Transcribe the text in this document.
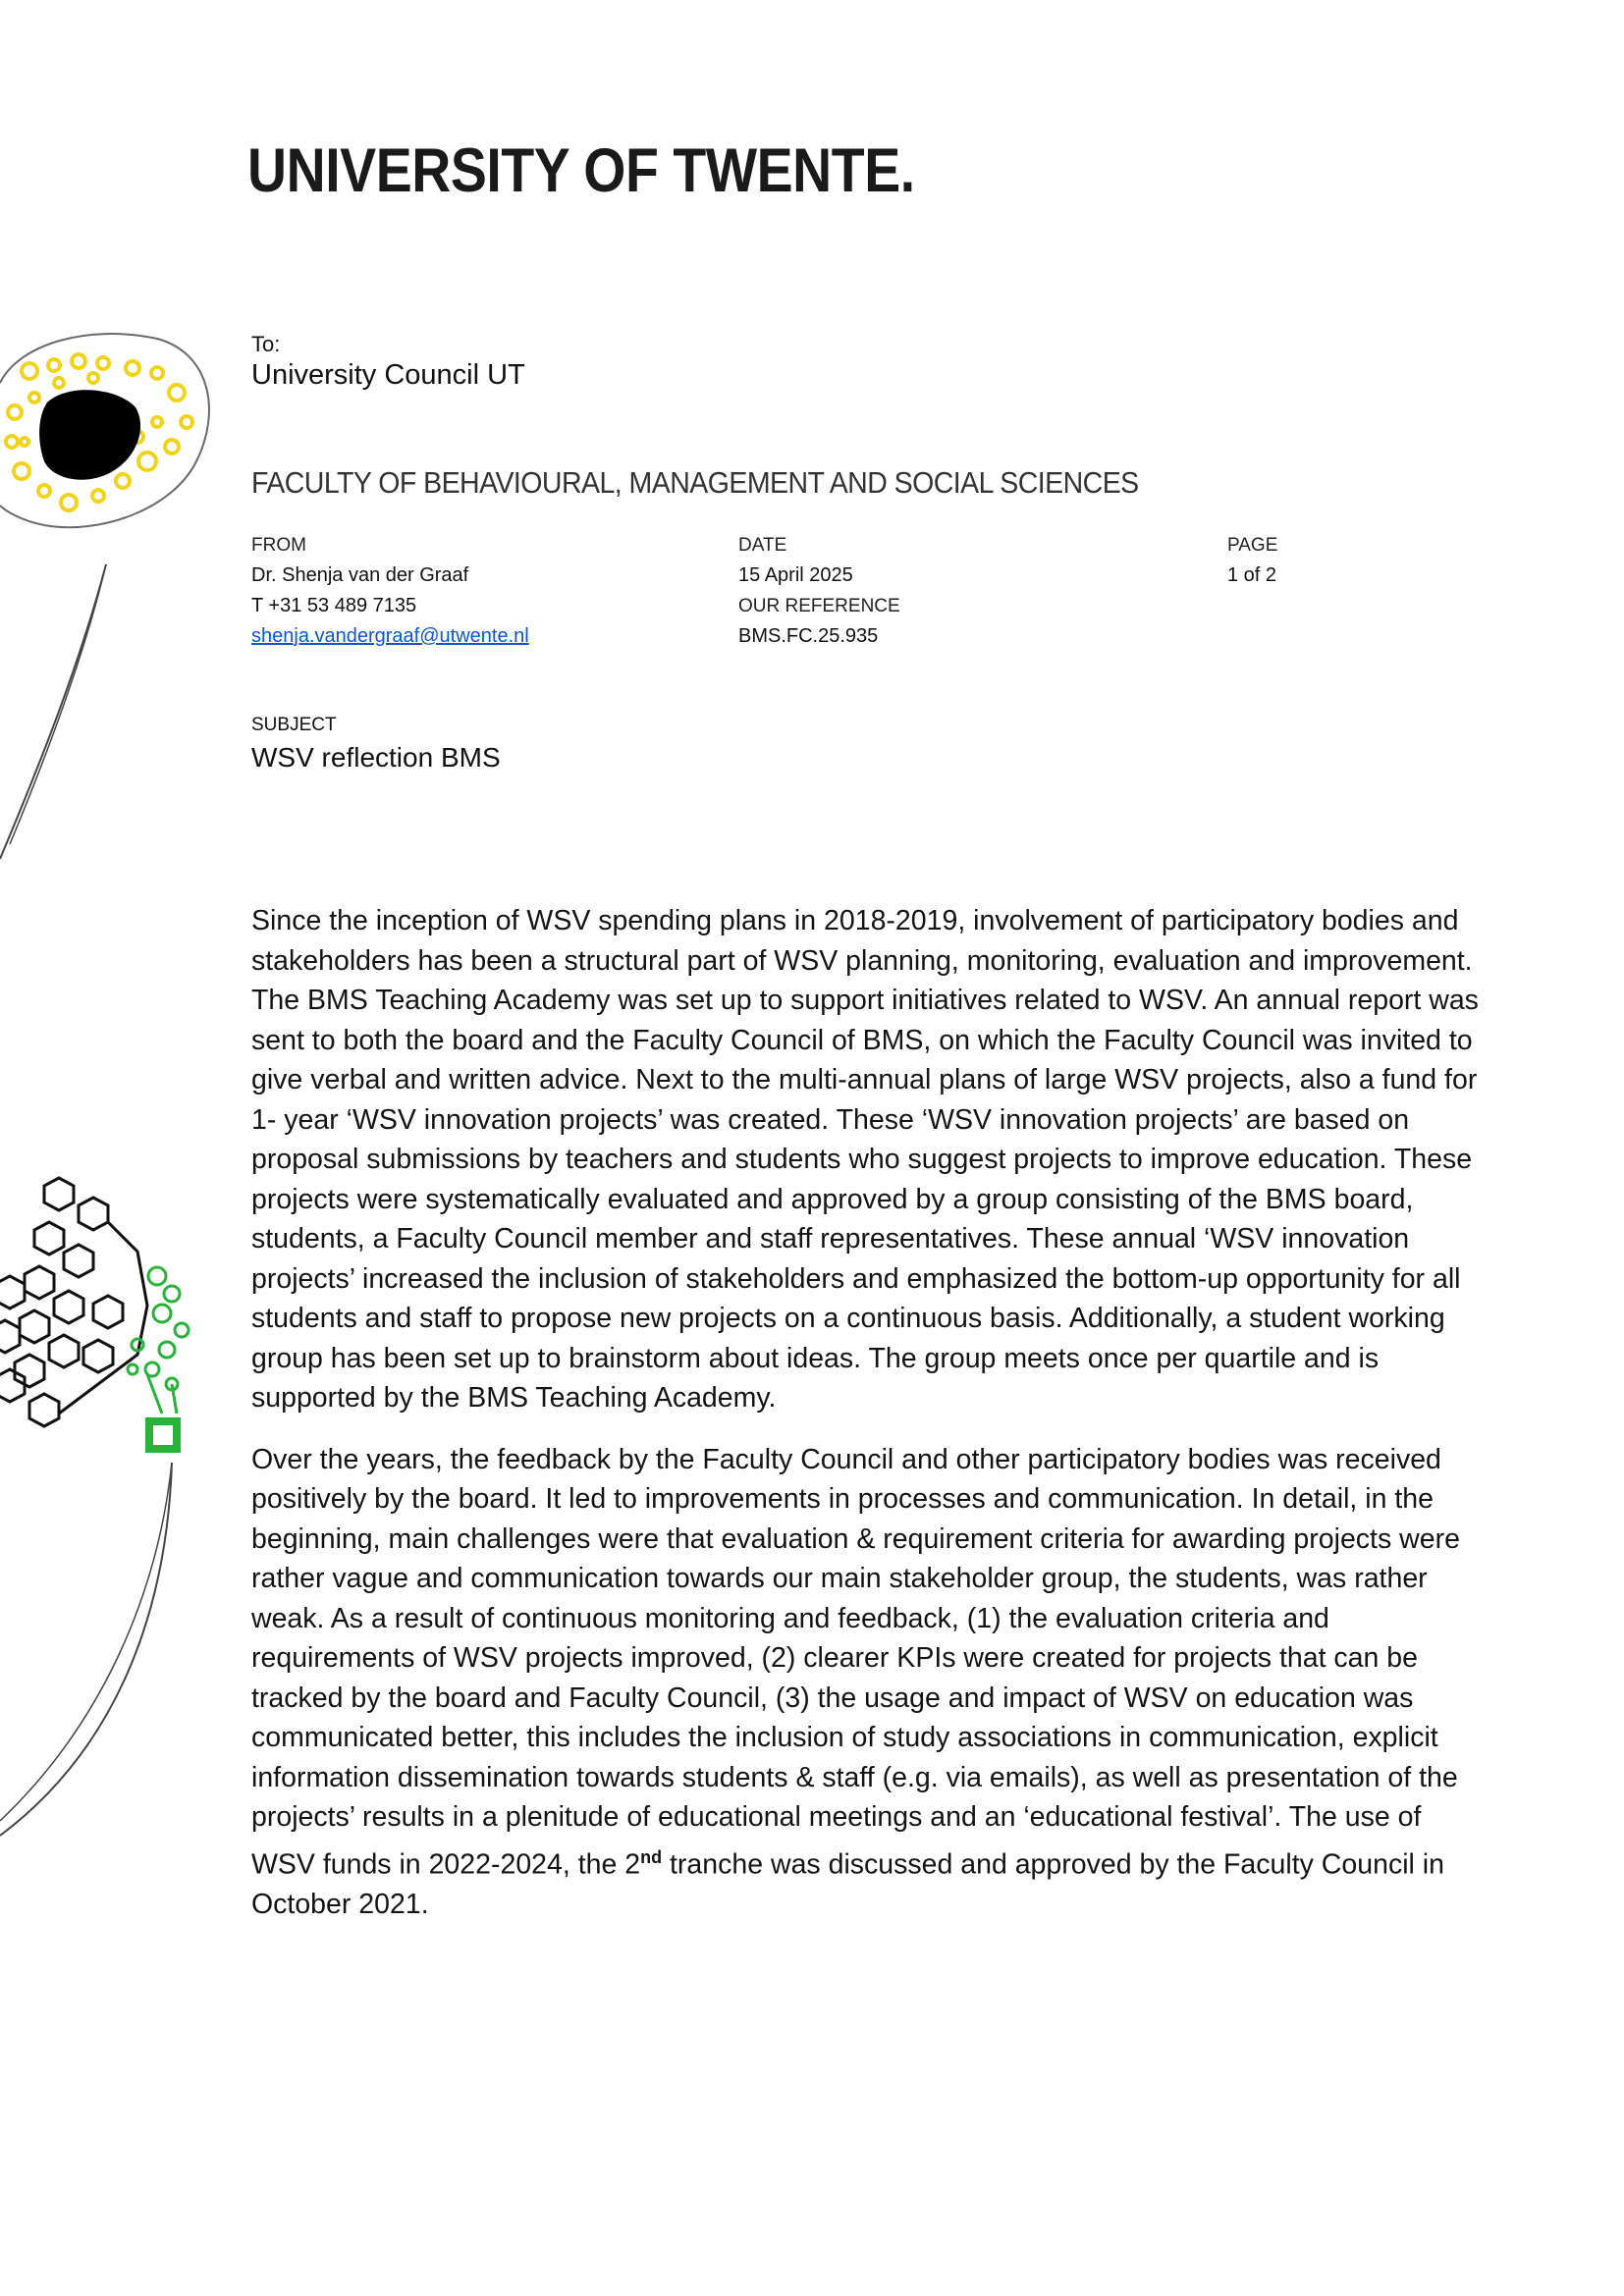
UNIVERSITY OF TWENTE.
To:
University Council UT
FACULTY OF BEHAVIOURAL, MANAGEMENT AND SOCIAL SCIENCES
FROM
Dr. Shenja van der Graaf
T +31 53 489 7135
shenja.vandergraaf@utwente.nl
DATE
15 April 2025
OUR REFERENCE
BMS.FC.25.935
PAGE
1 of 2
SUBJECT
WSV reflection BMS

Since the inception of WSV spending plans in 2018-2019, involvement of participatory bodies and stakeholders has been a structural part of WSV planning, monitoring, evaluation and improvement. The BMS Teaching Academy was set up to support initiatives related to WSV. An annual report was sent to both the board and the Faculty Council of BMS, on which the Faculty Council was invited to give verbal and written advice. Next to the multi-annual plans of large WSV projects, also a fund for 1- year ‘WSV innovation projects’ was created. These ‘WSV innovation projects’ are based on proposal submissions by teachers and students who suggest projects to improve education. These projects were systematically evaluated and approved by a group consisting of the BMS board, students, a Faculty Council member and staff representatives. These annual ‘WSV innovation projects’ increased the inclusion of stakeholders and emphasized the bottom-up opportunity for all students and staff to propose new projects on a continuous basis. Additionally, a student working group has been set up to brainstorm about ideas. The group meets once per quartile and is supported by the BMS Teaching Academy.

Over the years, the feedback by the Faculty Council and other participatory bodies was received positively by the board. It led to improvements in processes and communication. In detail, in the beginning, main challenges were that evaluation & requirement criteria for awarding projects were rather vague and communication towards our main stakeholder group, the students, was rather weak. As a result of continuous monitoring and feedback, (1) the evaluation criteria and requirements of WSV projects improved, (2) clearer KPIs were created for projects that can be tracked by the board and Faculty Council, (3) the usage and impact of WSV on education was communicated better, this includes the inclusion of study associations in communication, explicit information dissemination towards students & staff (e.g. via emails), as well as presentation of the projects’ results in a plenitude of educational meetings and an ‘educational festival’. The use of WSV funds in 2022-2024, the 2nd tranche was discussed and approved by the Faculty Council in October 2021.
